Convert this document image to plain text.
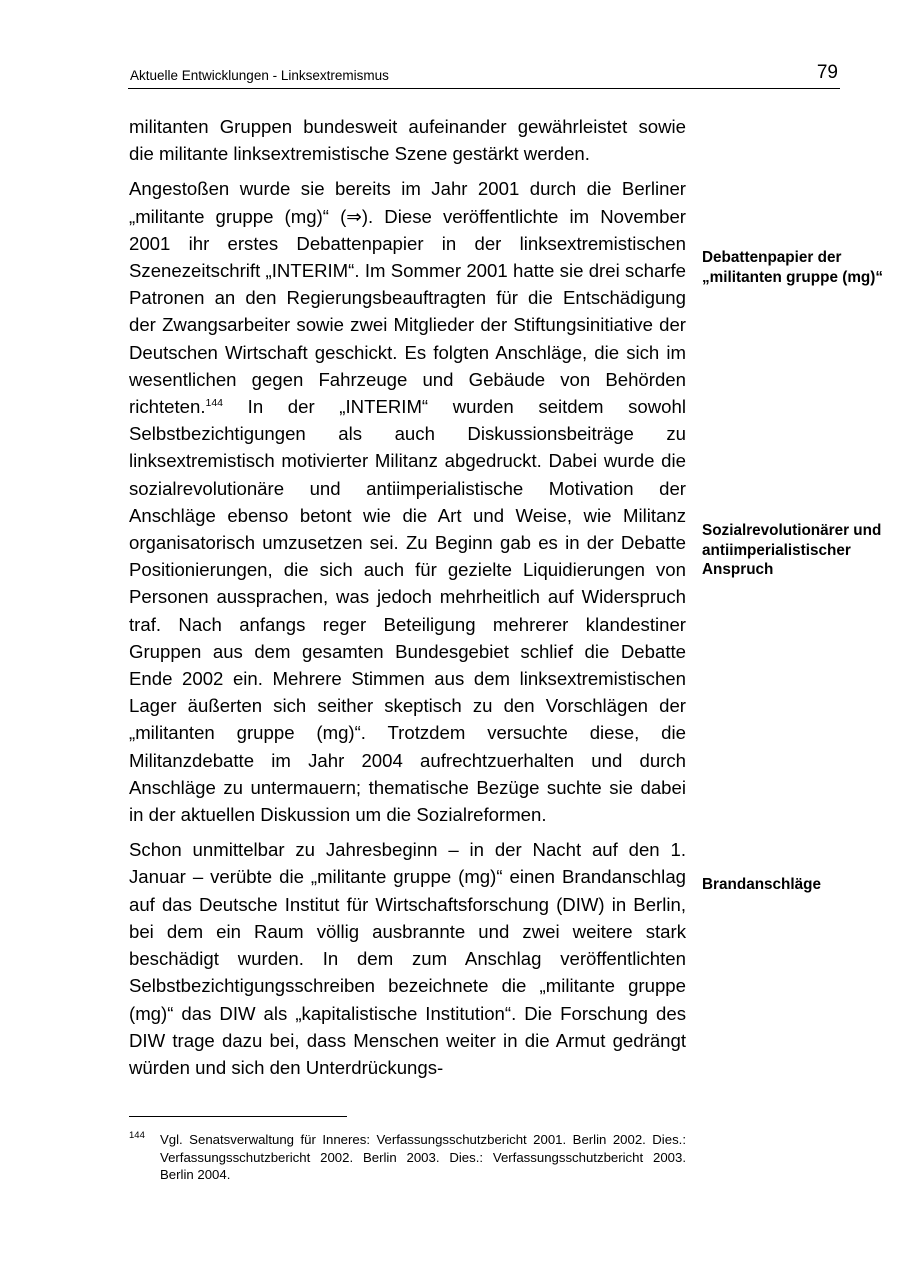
Aktuelle Entwicklungen - Linksextremismus	79

militanten Gruppen bundesweit aufeinander gewährleistet sowie die militante linksextremistische Szene gestärkt werden.

Angestoßen wurde sie bereits im Jahr 2001 durch die Berliner „militante gruppe (mg)“ (⇒). Diese veröffentlichte im November 2001 ihr erstes Debattenpapier in der linksextremistischen Szenezeitschrift „INTERIM“. Im Sommer 2001 hatte sie drei scharfe Patronen an den Regierungsbeauftragten für die Entschädigung der Zwangsarbeiter sowie zwei Mitglieder der Stiftungsinitiative der Deutschen Wirtschaft geschickt. Es folgten Anschläge, die sich im wesentlichen gegen Fahrzeuge und Gebäude von Behörden richteten.$^{144}$ In der „INTERIM“ wurden seitdem sowohl Selbstbezichtigungen als auch Diskussionsbeiträge zu linksextremistisch motivierter Militanz abgedruckt. Dabei wurde die sozialrevolutionäre und antiimperialistische Motivation der Anschläge ebenso betont wie die Art und Weise, wie Militanz organisatorisch umzusetzen sei. Zu Beginn gab es in der Debatte Positionierungen, die sich auch für gezielte Liquidierungen von Personen aussprachen, was jedoch mehrheitlich auf Widerspruch traf. Nach anfangs reger Beteiligung mehrerer klandestiner Gruppen aus dem gesamten Bundesgebiet schlief die Debatte Ende 2002 ein. Mehrere Stimmen aus dem linksextremistischen Lager äußerten sich seither skeptisch zu den Vorschlägen der „militanten gruppe (mg)“. Trotzdem versuchte diese, die Militanzdebatte im Jahr 2004 aufrechtzuerhalten und durch Anschläge zu untermauern; thematische Bezüge suchte sie dabei in der aktuellen Diskussion um die Sozialreformen.

Schon unmittelbar zu Jahresbeginn – in der Nacht auf den 1. Januar – verübte die „militante gruppe (mg)“ einen Brandanschlag auf das Deutsche Institut für Wirtschaftsforschung (DIW) in Berlin, bei dem ein Raum völlig ausbrannte und zwei weitere stark beschädigt wurden. In dem zum Anschlag veröffentlichten Selbstbezichtigungsschreiben bezeichnete die „militante gruppe (mg)“ das DIW als „kapitalistische Institution“. Die Forschung des DIW trage dazu bei, dass Menschen weiter in die Armut gedrängt würden und sich den Unterdrückungs-

Debattenpapier der „militanten gruppe (mg)“
Sozialrevolutionärer und antiimperialistischer Anspruch
Brandanschläge
144 Vgl. Senatsverwaltung für Inneres: Verfassungsschutzbericht 2001. Berlin 2002. Dies.: Verfassungsschutzbericht 2002. Berlin 2003. Dies.: Verfassungsschutzbericht 2003. Berlin 2004.
